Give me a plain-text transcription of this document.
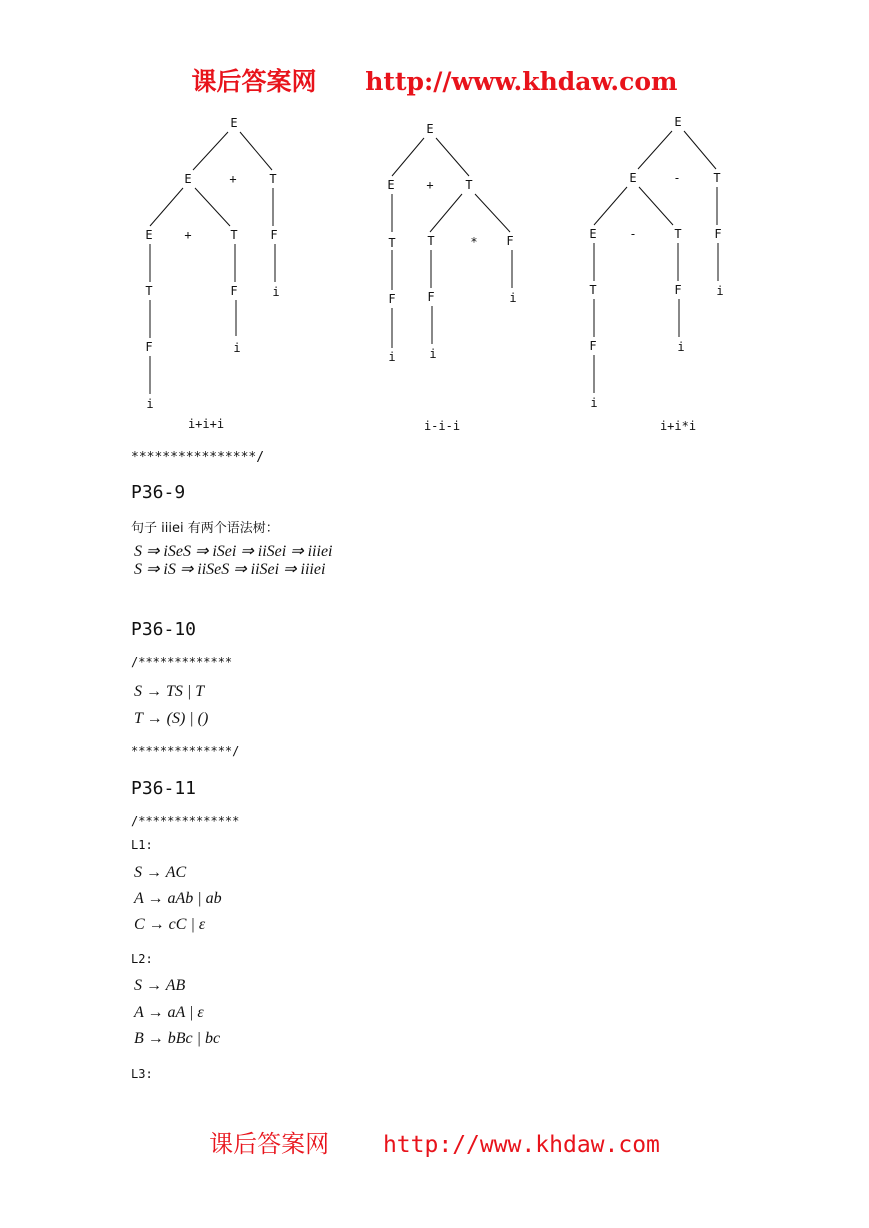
课后答案网 http://www.khdaw.com
E
E	+	T
E	+	T	F
T	F	i
F	i
i
i+i+i
E
E	+	T
T	T	* F
F	F	i
i	i
i-i-i
E
E	-	T
E	-	T	F
T	F	i
F	i
i
i+i*i
****************/
P36-9
句子 iiiei 有两个语法树：
S ⇒ iSeS ⇒ iSei ⇒ iiSei ⇒ iiiei
S ⇒ iS ⇒ iiSeS ⇒ iiSei ⇒ iiiei
P36-10
/*************
S → TS | T
T → (S) | ()
**************/
P36-11
/**************
L1:
S → AC
A → aAb | ab
C → cC | ε
L2:
S → AB
A → aA | ε
B → bBc | bc
L3:
课后答案网 http://www.khdaw.com
